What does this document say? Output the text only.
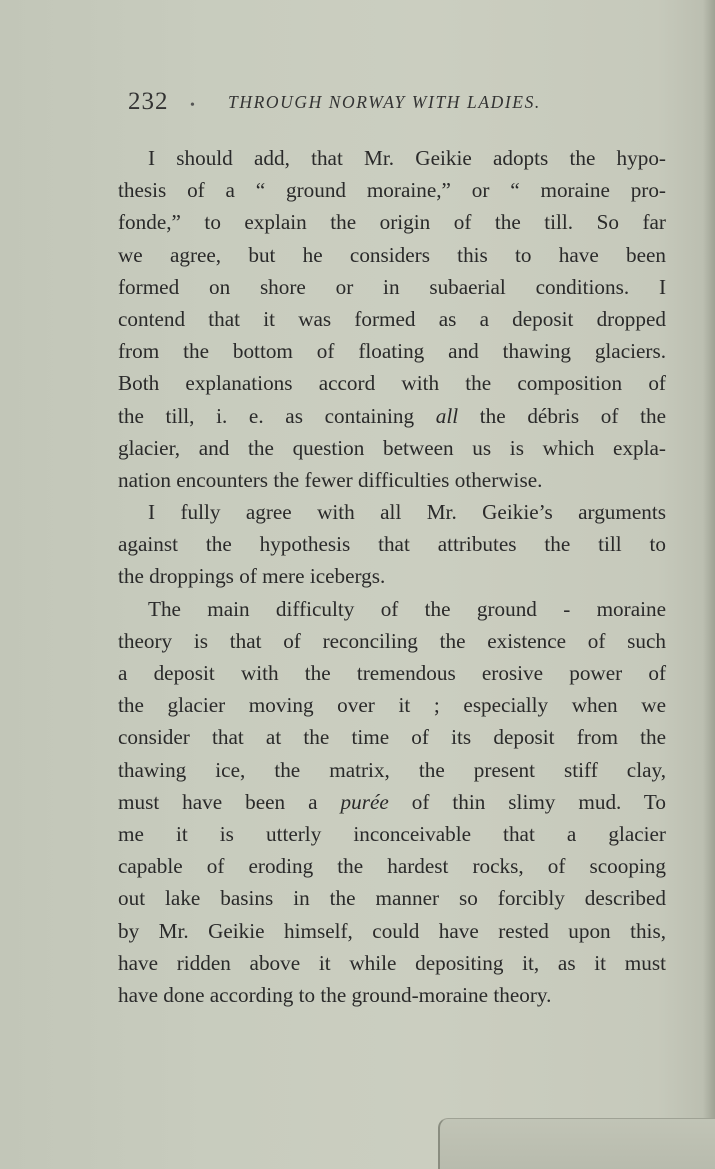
232 • THROUGH NORWAY WITH LADIES.
I should add, that Mr. Geikie adopts the hypo-
thesis of a “ ground moraine,” or “ moraine pro-
fonde,” to explain the origin of the till. So far
we agree, but he considers this to have been
formed on shore or in subaerial conditions. I
contend that it was formed as a deposit dropped
from the bottom of floating and thawing glaciers.
Both explanations accord with the composition of
the till, i. e. as containing all the débris of the
glacier, and the question between us is which expla-
nation encounters the fewer difficulties otherwise.
I fully agree with all Mr. Geikie’s arguments
against the hypothesis that attributes the till to
the droppings of mere icebergs.
The main difficulty of the ground - moraine
theory is that of reconciling the existence of such
a deposit with the tremendous erosive power of
the glacier moving over it ; especially when we
consider that at the time of its deposit from the
thawing ice, the matrix, the present stiff clay,
must have been a purée of thin slimy mud. To
me it is utterly inconceivable that a glacier
capable of eroding the hardest rocks, of scooping
out lake basins in the manner so forcibly described
by Mr. Geikie himself, could have rested upon this,
have ridden above it while depositing it, as it must
have done according to the ground-moraine theory.
